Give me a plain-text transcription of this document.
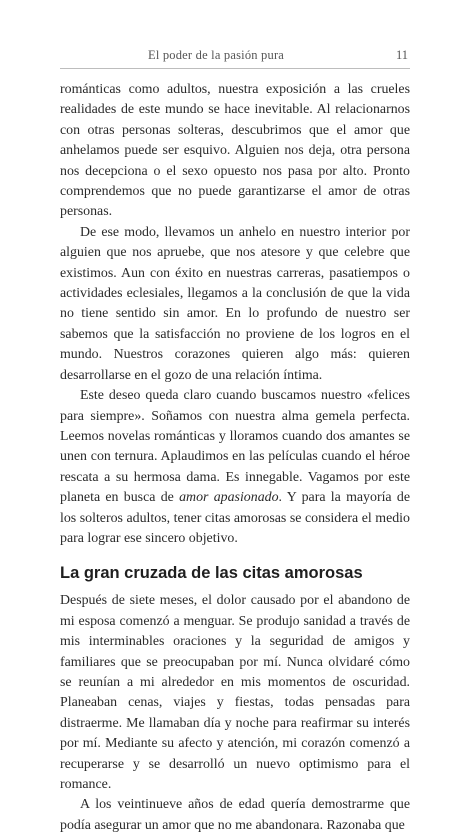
El poder de la pasión pura	11

románticas como adultos, nuestra exposición a las crueles realidades de este mundo se hace inevitable. Al relacionarnos con otras personas solteras, descubrimos que el amor que anhelamos puede ser esquivo. Alguien nos deja, otra persona nos decepciona o el sexo opuesto nos pasa por alto. Pronto comprendemos que no puede garantizarse el amor de otras personas.

De ese modo, llevamos un anhelo en nuestro interior por alguien que nos apruebe, que nos atesore y que celebre que existimos. Aun con éxito en nuestras carreras, pasatiempos o actividades eclesiales, llegamos a la conclusión de que la vida no tiene sentido sin amor. En lo profundo de nuestro ser sabemos que la satisfacción no proviene de los logros en el mundo. Nuestros corazones quieren algo más: quieren desarrollarse en el gozo de una relación íntima.

Este deseo queda claro cuando buscamos nuestro «felices para siempre». Soñamos con nuestra alma gemela perfecta. Leemos novelas románticas y lloramos cuando dos amantes se unen con ternura. Aplaudimos en las películas cuando el héroe rescata a su hermosa dama. Es innegable. Vagamos por este planeta en busca de amor apasionado. Y para la mayoría de los solteros adultos, tener citas amorosas se considera el medio para lograr ese sincero objetivo.

La gran cruzada de las citas amorosas

Después de siete meses, el dolor causado por el abandono de mi esposa comenzó a menguar. Se produjo sanidad a través de mis interminables oraciones y la seguridad de amigos y familiares que se preocupaban por mí. Nunca olvidaré cómo se reunían a mi alrededor en mis momentos de oscuridad. Planeaban cenas, viajes y fiestas, todas pensadas para distraerme. Me llamaban día y noche para reafirmar su interés por mí. Mediante su afecto y atención, mi corazón comenzó a recuperarse y se desarrolló un nuevo optimismo para el romance.

A los veintinueve años de edad quería demostrarme que podía asegurar un amor que no me abandonara. Razonaba que
